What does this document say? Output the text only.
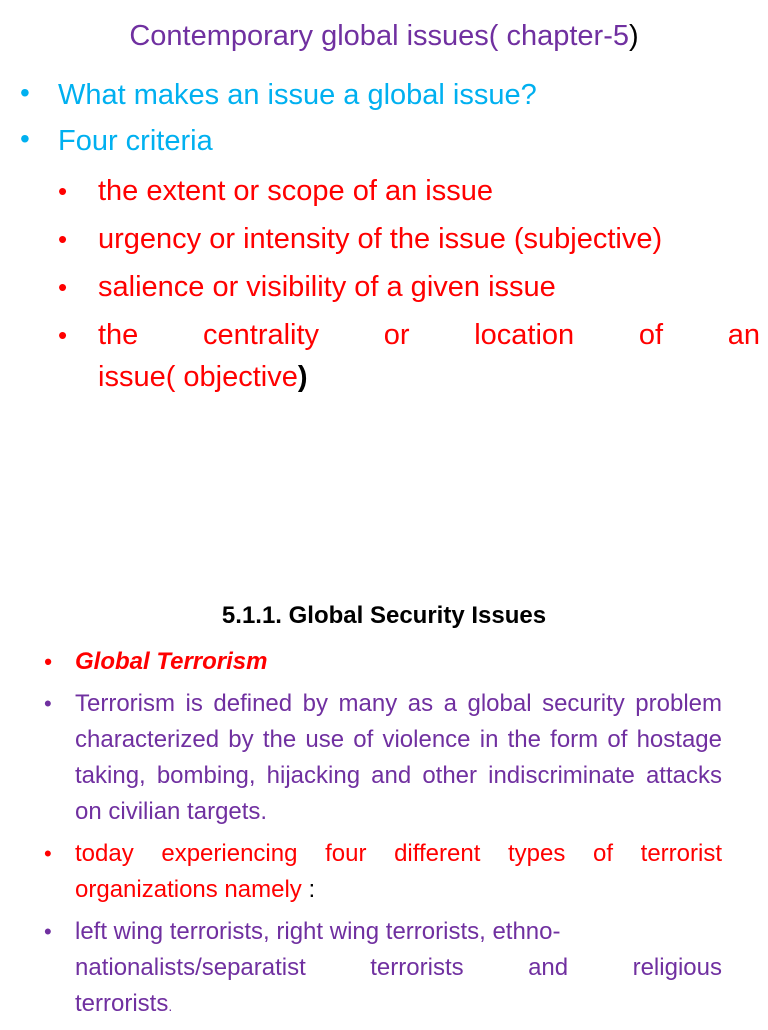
Contemporary global issues( chapter-5)
• What makes an issue a global issue?
• Four criteria
• the extent or scope of an issue
• urgency or intensity of the issue (subjective)
• salience or visibility of a given issue
• the centrality or location of an
issue( objective)
5.1.1. Global Security Issues
• Global Terrorism
• Terrorism is defined by many as a global security problem characterized by the use of violence in the form of hostage taking, bombing, hijacking and other indiscriminate attacks on civilian targets.
• today experiencing four different types of terrorist organizations namely :
• left wing terrorists, right wing terrorists, ethno-
nationalists/separatist	terrorists	and	religious
terrorists.
